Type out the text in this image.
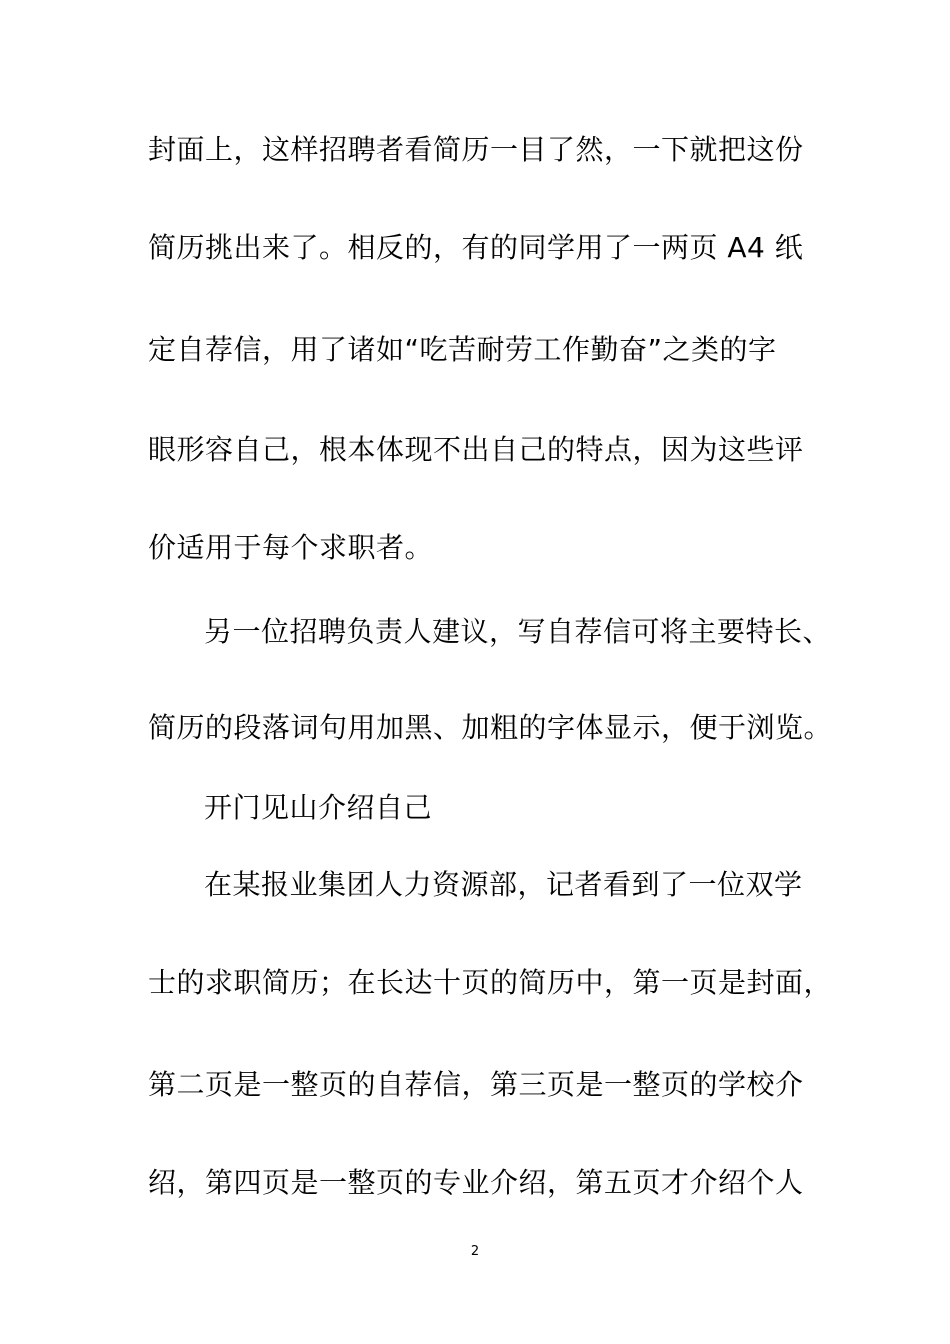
封面上，这样招聘者看简历一目了然，一下就把这份
简历挑出来了。相反的，有的同学用了一两页 A4 纸
定自荐信，用了诸如“吃苦耐劳工作勤奋”之类的字
眼形容自己，根本体现不出自己的特点，因为这些评
价适用于每个求职者。
另一位招聘负责人建议，写自荐信可将主要特长、
简历的段落词句用加黑、加粗的字体显示，便于浏览。
开门见山介绍自己
在某报业集团人力资源部，记者看到了一位双学
士的求职简历；在长达十页的简历中，第一页是封面，
第二页是一整页的自荐信，第三页是一整页的学校介
绍，第四页是一整页的专业介绍，第五页才介绍个人
2
